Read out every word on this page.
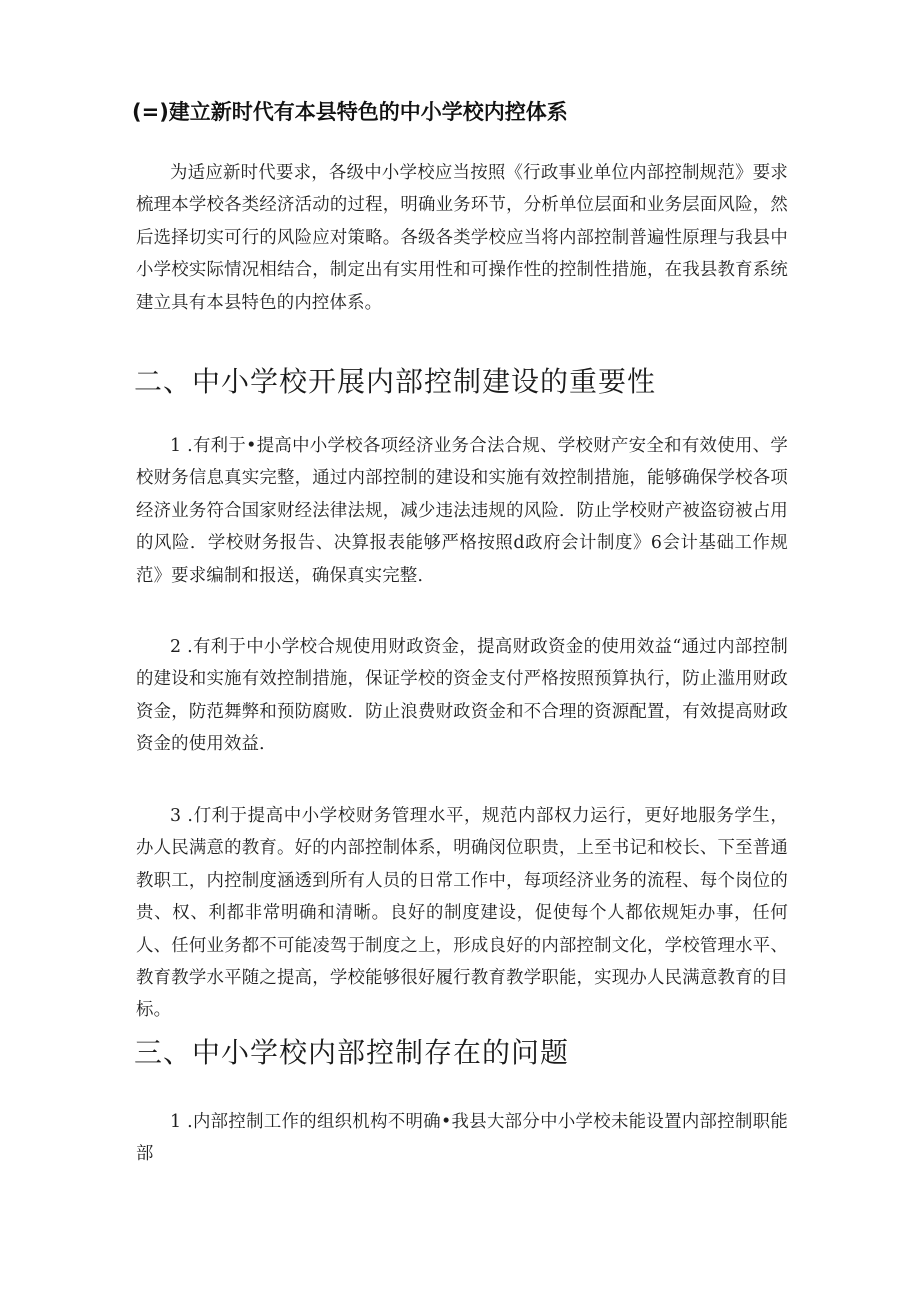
(=)建立新时代有本县特色的中小学校内控体系

为适应新时代要求，各级中小学校应当按照《行政事业单位内部控制规范》要求梳理本学校各类经济活动的过程，明确业务环节，分析单位层面和业务层面风险，然后选择切实可行的风险应对策略。各级各类学校应当将内部控制普遍性原理与我县中小学校实际情况相结合，制定出有实用性和可操作性的控制性措施，在我县教育系统建立具有本县特色的内控体系。

二、中小学校开展内部控制建设的重要性

1 .有利于•提高中小学校各项经济业务合法合规、学校财产安全和有效使用、学校财务信息真实完整，通过内部控制的建设和实施有效控制措施，能够确保学校各项经济业务符合国家财经法律法规，减少违法违规的风险．防止学校财产被盗窃被占用的风险．学校财务报告、决算报表能够严格按照d政府会计制度》6会计基础工作规范》要求编制和报送，确保真实完整．

2 .有利于中小学校合规使用财政资金，提高财政资金的使用效益“通过内部控制的建设和实施有效控制措施，保证学校的资金支付严格按照预算执行，防止滥用财政资金，防范舞弊和预防腐败．防止浪费财政资金和不合理的资源配置，有效提高财政资金的使用效益．

3 .仃利于提高中小学校财务管理水平，规范内部权力运行，更好地服务学生，办人民满意的教育。好的内部控制体系，明确闵位职贵，上至书记和校长、下至普通教职工，内控制度涵透到所有人员的日常工作中，每项经济业务的流程、每个岗位的贵、权、利都非常明确和清晰。良好的制度建设，促使每个人都依规矩办事，任何人、任何业务都不可能凌驾于制度之上，形成良好的内部控制文化，学校管理水平、教育教学水平随之提高，学校能够很好履行教育教学职能，实现办人民满意教育的目标。

三、中小学校内部控制存在的问题

1 .内部控制工作的组织机构不明确•我县大部分中小学校未能设置内部控制职能部
